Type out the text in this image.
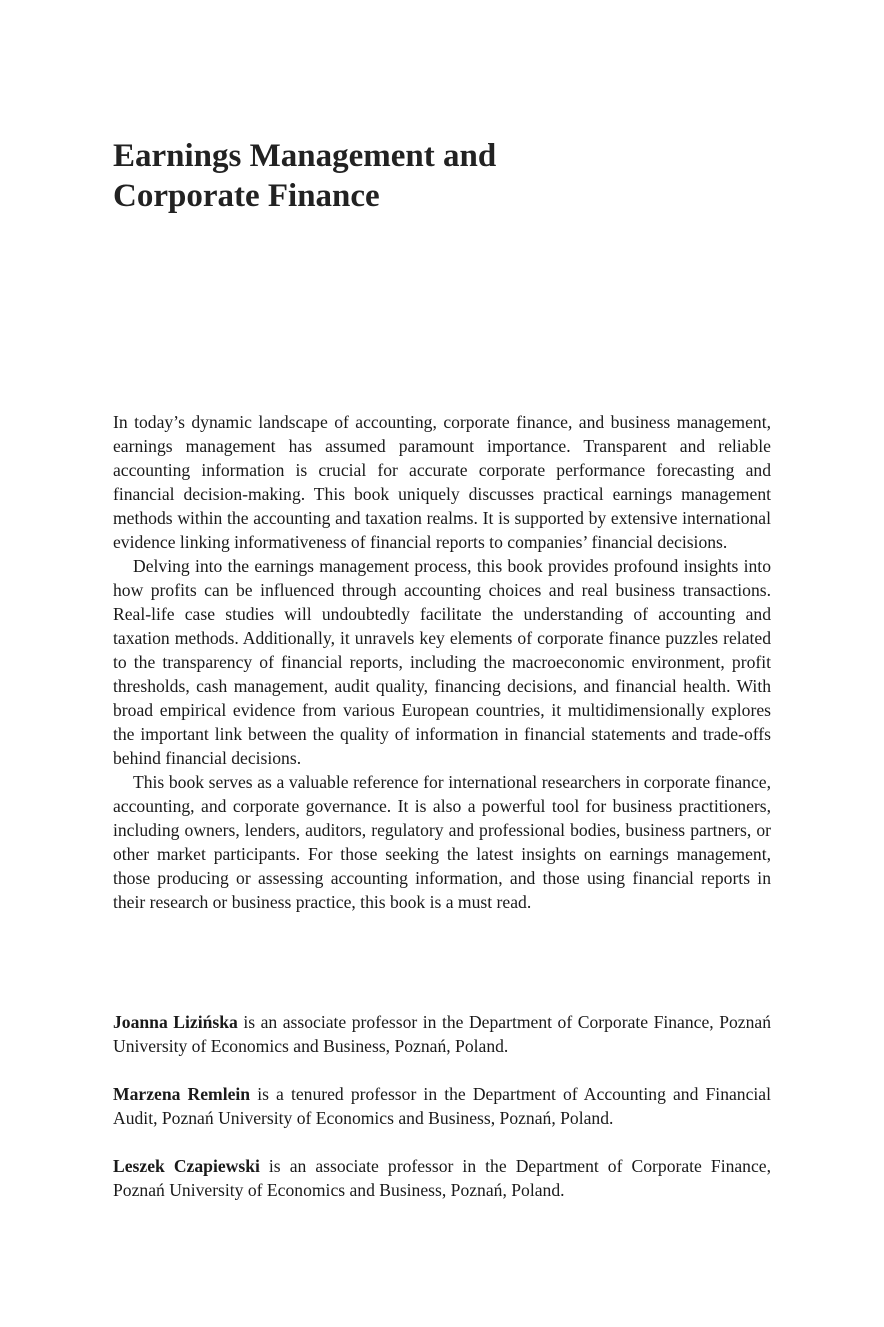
Earnings Management and
Corporate Finance

In today’s dynamic landscape of accounting, corporate finance, and business management, earnings management has assumed paramount importance. Transparent and reliable accounting information is crucial for accurate corporate performance forecasting and financial decision-making. This book uniquely discusses practical earnings management methods within the accounting and taxation realms. It is supported by extensive international evidence linking informativeness of financial reports to companies’ financial decisions.

Delving into the earnings management process, this book provides profound insights into how profits can be influenced through accounting choices and real business transactions. Real-life case studies will undoubtedly facilitate the understanding of accounting and taxation methods. Additionally, it unravels key elements of corporate finance puzzles related to the transparency of financial reports, including the macroeconomic environment, profit thresholds, cash management, audit quality, financing decisions, and financial health. With broad empirical evidence from various European countries, it multidimensionally explores the important link between the quality of information in financial statements and trade-offs behind financial decisions.

This book serves as a valuable reference for international researchers in corporate finance, accounting, and corporate governance. It is also a powerful tool for business practitioners, including owners, lenders, auditors, regulatory and professional bodies, business partners, or other market participants. For those seeking the latest insights on earnings management, those producing or assessing accounting information, and those using financial reports in their research or business practice, this book is a must read.

Joanna Lizińska is an associate professor in the Department of Corporate Finance, Poznań University of Economics and Business, Poznań, Poland.

Marzena Remlein is a tenured professor in the Department of Accounting and Financial Audit, Poznań University of Economics and Business, Poznań, Poland.

Leszek Czapiewski is an associate professor in the Department of Corporate Finance, Poznań University of Economics and Business, Poznań, Poland.
